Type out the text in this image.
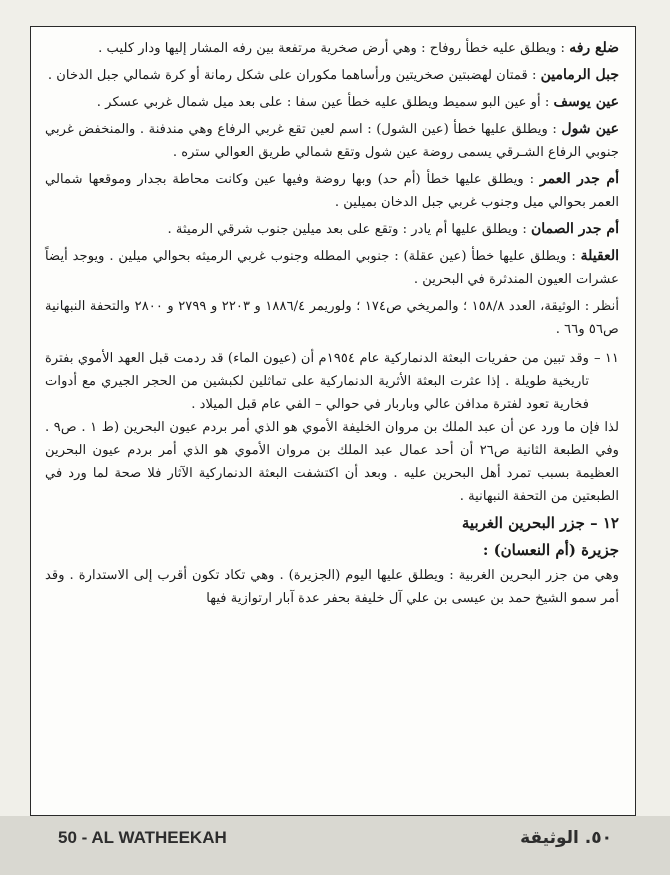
ضلع رفه : ويطلق عليه خطأ روفاح : وهي أرض صخرية مرتفعة بين رفه المشار إليها ودار كليب .

جبل الرمامين : قمتان لهضبتين صخريتين ورأساهما مكوران على شكل رمانة أو كرة شمالي جبل الدخان .

عين يوسف : أو عين البو سميط ويطلق عليه خطأ عين سفا : على بعد ميل شمال غربي عسكر .

عين شول : ويطلق عليها خطأ (عين الشول) : اسم لعين تقع غربي الرفاع وهي مندفنة . والمنخفض غربي جنوبي الرفاع الشـرقي يسمى روضة عين شول وتقع شمالي طريق العوالي ستره .

أم جدر العمر : ويطلق عليها خطأ (أم حد) وبها روضة وفيها عين وكانت محاطة بجدار وموقعها شمالي العمر بحوالي ميل وجنوب غربي جبل الدخان بميلين .

أم جدر الصمان : ويطلق عليها أم يادر : وتقع على بعد ميلين جنوب شرقي الرميثة .

العقيلة : ويطلق عليها خطأ (عين عقلة) : جنوبي المطله وجنوب غربي الرميثه بحوالي ميلين . ويوجد أيضاً عشرات العيون المندثرة في البحرين .

أنظر : الوثيقة، العدد ١٥٨/٨ ؛ والمريخي ص١٧٤ ؛ ولوريمر ١٨٨٦/٤ و ٢٢٠٣ و ٢٧٩٩ و ٢٨٠٠ والتحفة النبهانية ص٥٦ و٦٦ .

١١ –
وقد تبين من حفريات البعثة الدنماركية عام ١٩٥٤م أن (عيون الماء) قد ردمت قبل العهد الأموي بفترة تاريخية طويلة . إذا عثرت البعثة الأثرية الدنماركية على تماثلين لكبشين من الحجر الجيري مع أدوات فخارية تعود لفترة مدافن عالي وباربار في حوالي – الفي عام قبل الميلاد .

لذا فإن ما ورد عن أن عبد الملك بن مروان الخليفة الأموي هو الذي أمر بردم عيون البحرين (ط ١ . ص٩ . وفي الطبعة الثانية ص٢٦ أن أحد عمال عبد الملك بن مروان الأموي هو الذي أمر بردم عيون البحرين العظيمة بسبب تمرد أهل البحرين عليه . وبعد أن اكتشفت البعثة الدنماركية الآثار فلا صحة لما ورد في الطبعتين من التحفة النبهانية .

١٢ – جزر البحرين الغربية
جزيرة (أم النعسان) :

وهي من جزر البحرين الغربية : ويطلق عليها اليوم (الجزيرة) . وهي تكاد تكون أقرب إلى الاستدارة . وقد أمر سمو الشيخ حمد بن عيسى بن علي آل خليفة بحفر عدة آبار ارتوازية فيها

50 - AL WATHEEKAH	٥٠. الوثيقة
